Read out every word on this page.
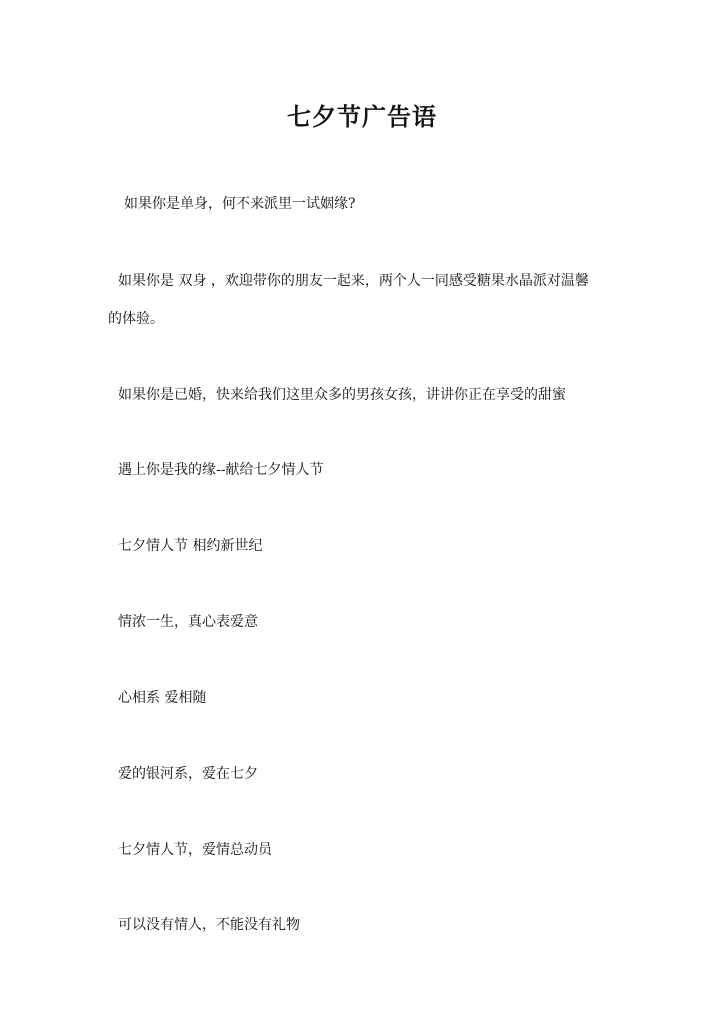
七夕节广告语
如果你是单身，何不来派里一试姻缘?
如果你是 双身 ，欢迎带你的朋友一起来，两个人一同感受糖果水晶派对温馨
的体验。
如果你是已婚，快来给我们这里众多的男孩女孩，讲讲你正在享受的甜蜜
遇上你是我的缘--献给七夕情人节
七夕情人节 相约新世纪
情浓一生，真心表爱意
心相系 爱相随
爱的银河系，爱在七夕
七夕情人节，爱情总动员
可以没有情人，不能没有礼物
